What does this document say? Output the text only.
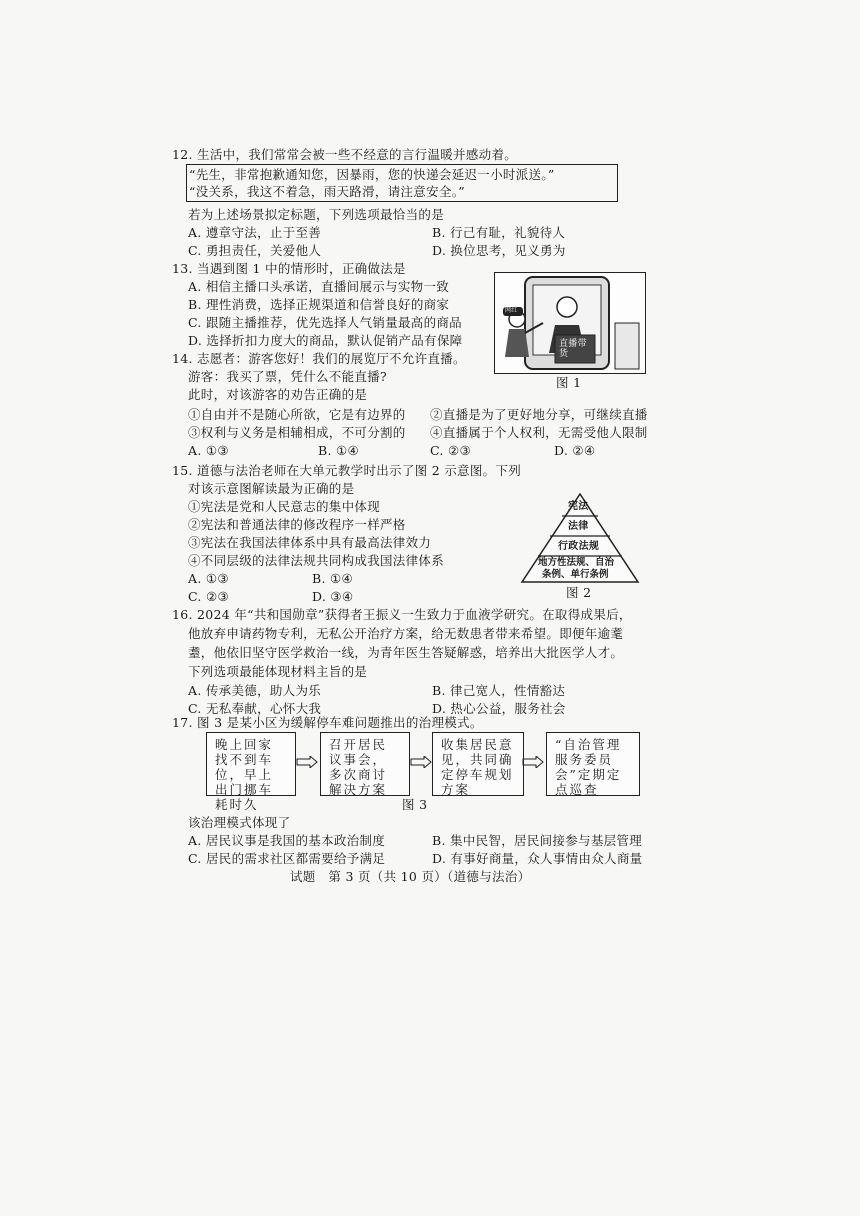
12. 生活中，我们常常会被一些不经意的言行温暖并感动着。
“先生，非常抱歉通知您，因暴雨，您的快递会延迟一小时派送。”
“没关系，我这不着急，雨天路滑，请注意安全。”
若为上述场景拟定标题，下列选项最恰当的是
A. 遵章守法，止于至善	B. 行己有耻，礼貌待人
C. 勇担责任，关爱他人	D. 换位思考，见义勇为
13. 当遇到图 1 中的情形时，正确做法是
A. 相信主播口头承诺，直播间展示与实物一致
B. 理性消费，选择正规渠道和信誉良好的商家
C. 跟随主播推荐，优先选择人气销量最高的商品
D. 选择折扣力度大的商品，默认促销产品有保障
网红
直播带货
图 1
14. 志愿者：游客您好！我们的展览厅不允许直播。
游客：我买了票，凭什么不能直播?
此时，对该游客的劝告正确的是
①自由并不是随心所欲，它是有边界的 ②直播是为了更好地分享，可继续直播
③权利与义务是相辅相成，不可分割的 ④直播属于个人权利，无需受他人限制
A. ①③	B. ①④	C. ②③	D. ②④
15. 道德与法治老师在大单元教学时出示了图 2 示意图。下列
对该示意图解读最为正确的是
①宪法是党和人民意志的集中体现
②宪法和普通法律的修改程序一样严格
③宪法在我国法律体系中具有最高法律效力
④不同层级的法律法规共同构成我国法律体系
A. ①③	B. ①④
C. ②③	D. ③④
宪法
法律
行政法规
地方性法规、自治
条例、单行条例
图 2
16. 2024 年“共和国勋章”获得者王振义一生致力于血液学研究。在取得成果后，
他放弃申请药物专利，无私公开治疗方案，给无数患者带来希望。即便年逾耄
耋，他依旧坚守医学救治一线，为青年医生答疑解惑，培养出大批医学人才。
下列选项最能体现材料主旨的是
A. 传承美德，助人为乐	B. 律己宽人，性情豁达
C. 无私奉献，心怀大我	D. 热心公益，服务社会
17. 图 3 是某小区为缓解停车难问题推出的治理模式。
晚上回家找不到车位，早上出门挪车耗时久
召开居民议事会，多次商讨解决方案
收集居民意见，共同确定停车规划方案
“自治管理服务委员会”定期定点巡查
图 3
该治理模式体现了
A. 居民议事是我国的基本政治制度	B. 集中民智，居民间接参与基层管理
C. 居民的需求社区都需要给予满足	D. 有事好商量，众人事情由众人商量
试题　第 3 页（共 10 页）（道德与法治）
